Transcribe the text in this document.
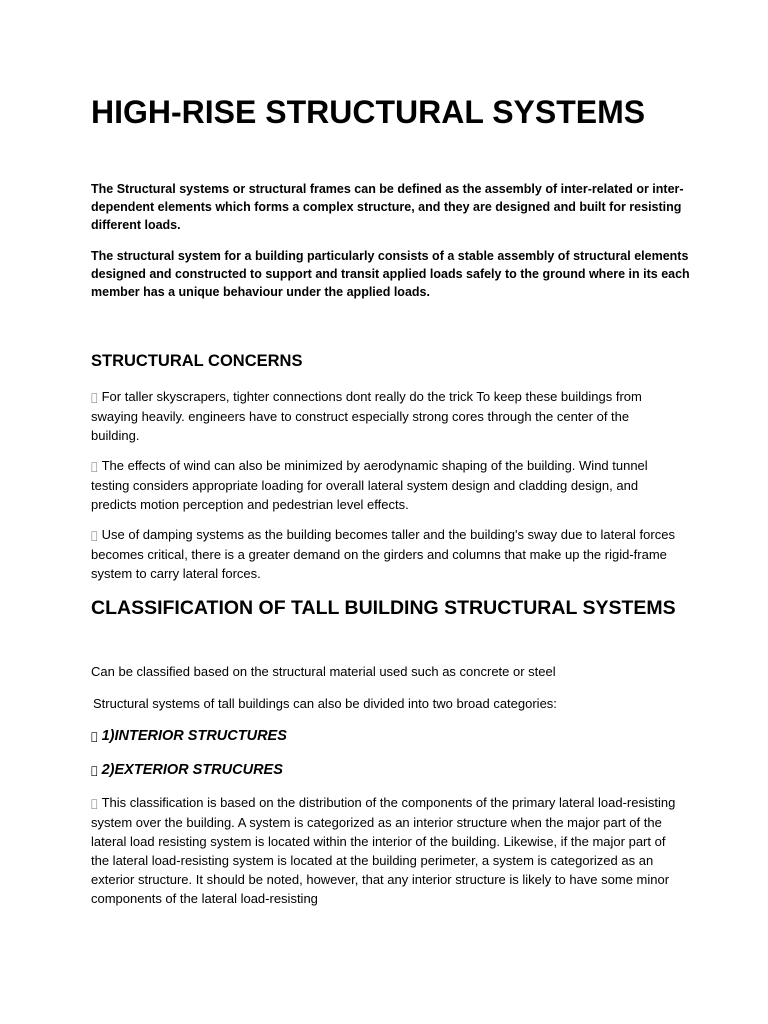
HIGH-RISE STRUCTURAL SYSTEMS

The Structural systems or structural frames can be defined as the assembly of inter-related or inter-dependent elements which forms a complex structure, and they are designed and built for resisting different loads.

The structural system for a building particularly consists of a stable assembly of structural elements designed and constructed to support and transit applied loads safely to the ground where in its each member has a unique behaviour under the applied loads.

STRUCTURAL CONCERNS

For taller skyscrapers, tighter connections dont really do the trick To keep these buildings from swaying heavily. engineers have to construct especially strong cores through the center of the building.

The effects of wind can also be minimized by aerodynamic shaping of the building. Wind tunnel testing considers appropriate loading for overall lateral system design and cladding design, and predicts motion perception and pedestrian level effects.

Use of damping systems as the building becomes taller and the building's sway due to lateral forces becomes critical, there is a greater demand on the girders and columns that make up the rigid-frame system to carry lateral forces.

CLASSIFICATION OF TALL BUILDING STRUCTURAL SYSTEMS

Can be classified based on the structural material used such as concrete or steel

Structural systems of tall buildings can also be divided into two broad categories:

1)INTERIOR STRUCTURES

2)EXTERIOR STRUCURES

This classification is based on the distribution of the components of the primary lateral load-resisting system over the building. A system is categorized as an interior structure when the major part of the lateral load resisting system is located within the interior of the building. Likewise, if the major part of the lateral load-resisting system is located at the building perimeter, a system is categorized as an exterior structure. It should be noted, however, that any interior structure is likely to have some minor components of the lateral load-resisting
